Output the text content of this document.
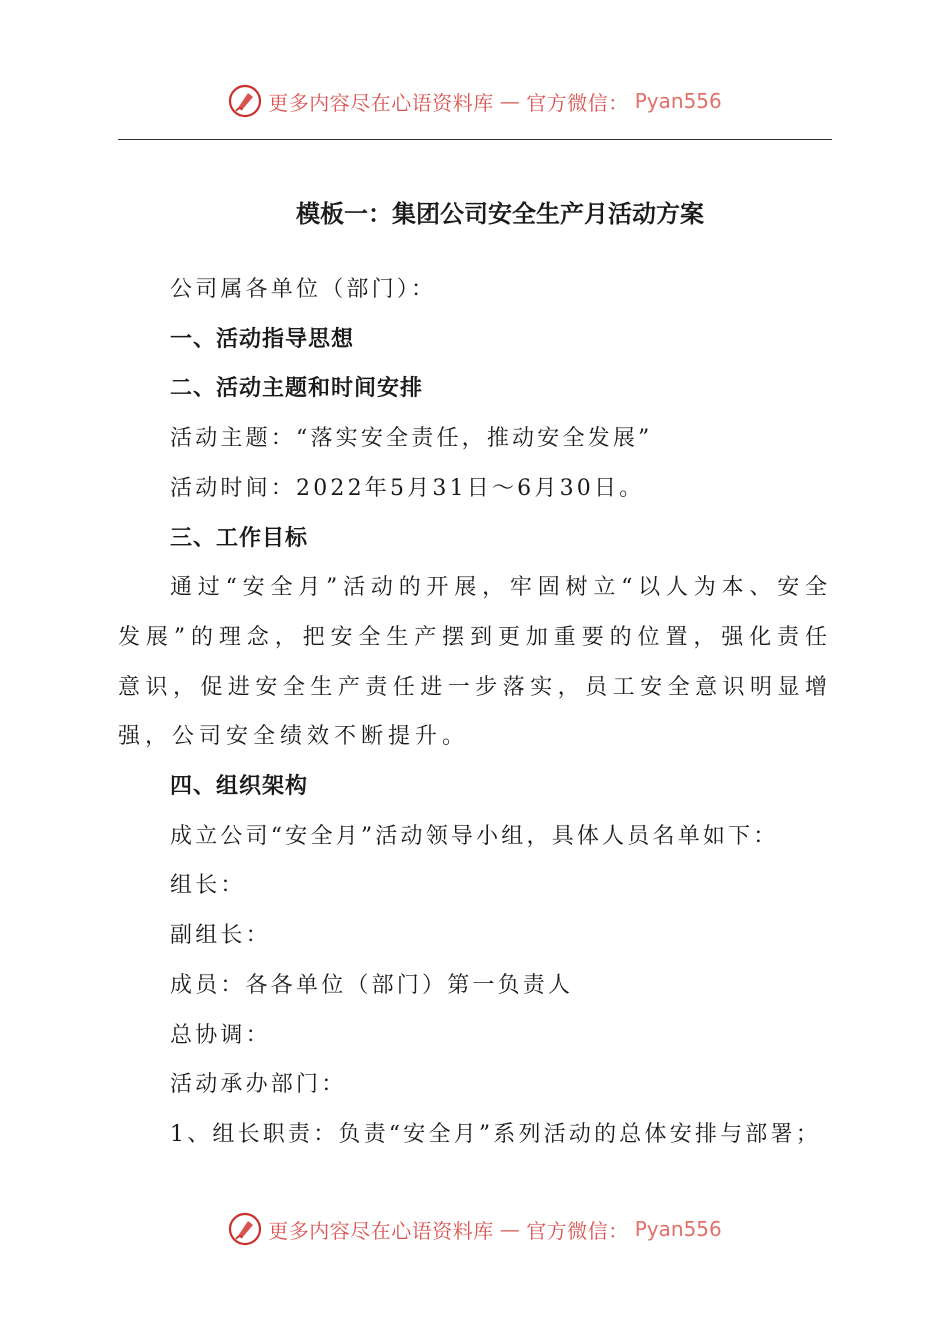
更多内容尽在心语资料库 — 官方微信： Pyan556
模板一：集团公司安全生产月活动方案

公司属各单位（部门）：

一、活动指导思想

二、活动主题和时间安排

活动主题：“落实安全责任，推动安全发展”

活动时间：2022年5月31日～6月30日。

三、工作目标

通过“安全月”活动的开展，牢固树立“以人为本、安全发展”的理念，把安全生产摆到更加重要的位置，强化责任意识，促进安全生产责任进一步落实，员工安全意识明显增强，公司安全绩效不断提升。

四、组织架构

成立公司“安全月”活动领导小组，具体人员名单如下：

组长：

副组长：

成员：各各单位（部门）第一负责人

总协调：

活动承办部门：

1、组长职责：负责“安全月”系列活动的总体安排与部署；

更多内容尽在心语资料库 — 官方微信： Pyan556
